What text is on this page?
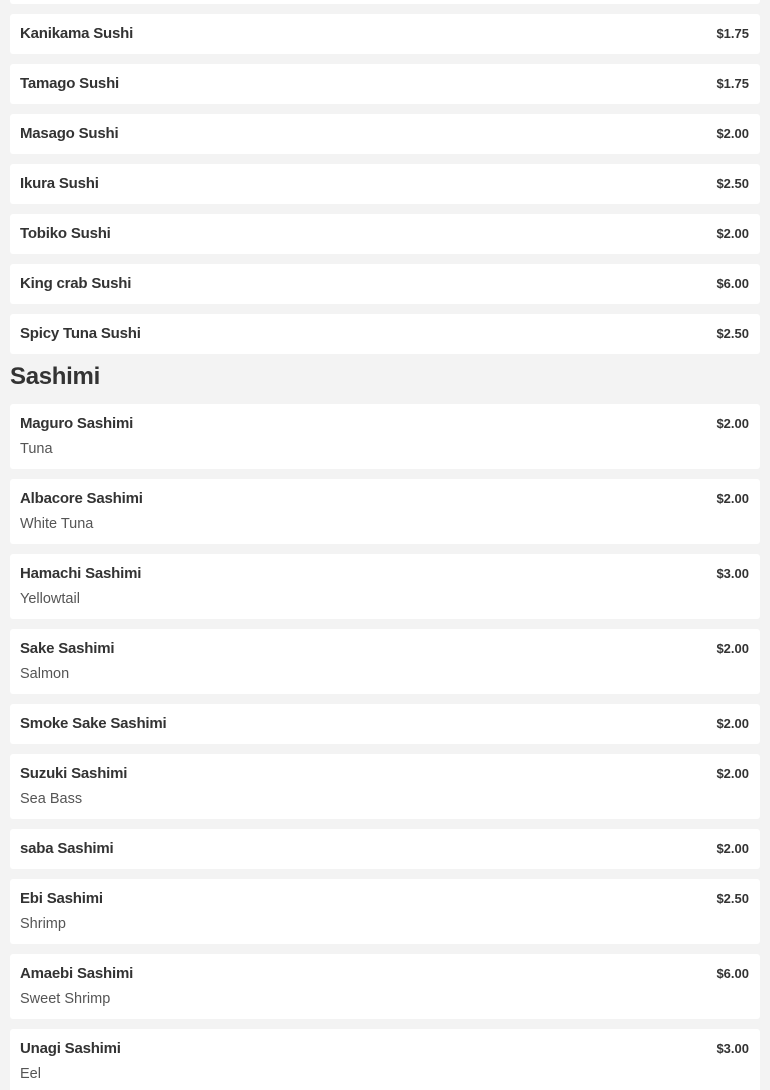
Kanikama Sushi	$1.75
Tamago Sushi	$1.75
Masago Sushi	$2.00
Ikura Sushi	$2.50
Tobiko Sushi	$2.00
King crab Sushi	$6.00
Spicy Tuna Sushi	$2.50
Sashimi
Maguro Sashimi	$2.00
Tuna
Albacore Sashimi	$2.00
White Tuna
Hamachi Sashimi	$3.00
Yellowtail
Sake Sashimi	$2.00
Salmon
Smoke Sake Sashimi	$2.00
Suzuki Sashimi	$2.00
Sea Bass
saba Sashimi	$2.00
Ebi Sashimi	$2.50
Shrimp
Amaebi Sashimi	$6.00
Sweet Shrimp
Unagi Sashimi	$3.00
Eel
